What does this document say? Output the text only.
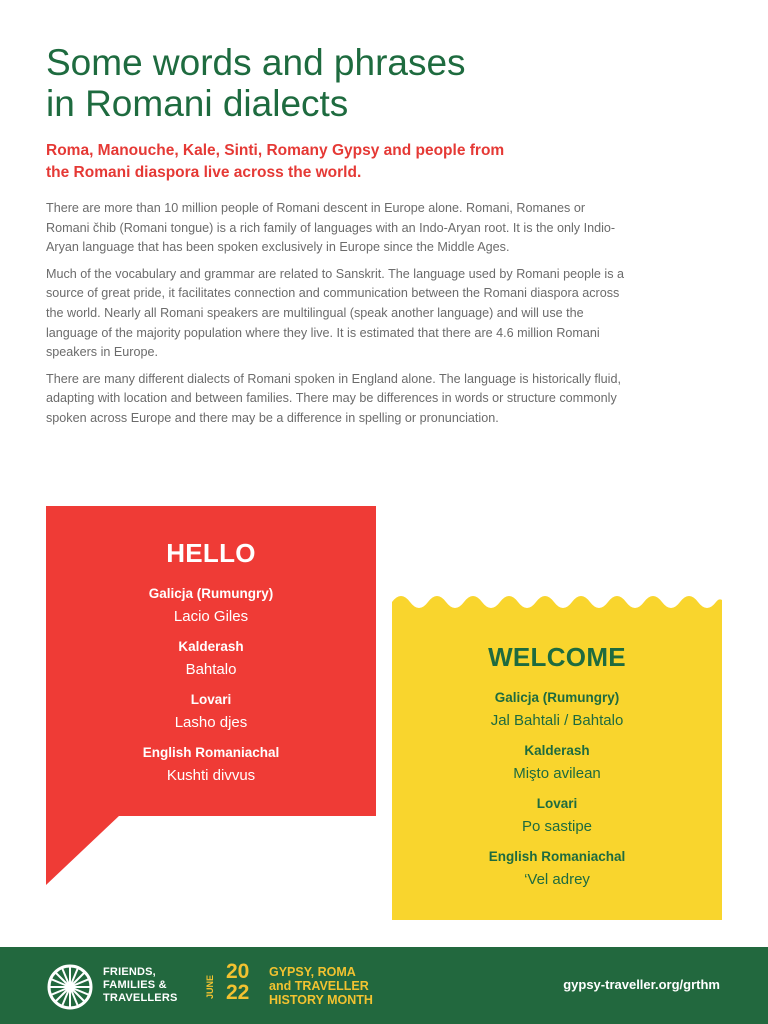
Some words and phrases
in Romani dialects

Roma, Manouche, Kale, Sinti, Romany Gypsy and people from
the Romani diaspora live across the world.

There are more than 10 million people of Romani descent in Europe alone. Romani, Romanes or Romani čhib (Romani tongue) is a rich family of languages with an Indo-Aryan root. It is the only Indio-Aryan language that has been spoken exclusively in Europe since the Middle Ages.

Much of the vocabulary and grammar are related to Sanskrit. The language used by Romani people is a source of great pride, it facilitates connection and communication between the Romani diaspora across the world. Nearly all Romani speakers are multilingual (speak another language) and will use the language of the majority population where they live. It is estimated that there are 4.6 million Romani speakers in Europe.

There are many different dialects of Romani spoken in England alone. The language is historically fluid, adapting with location and between families. There may be differences in words or structure commonly spoken across Europe and there may be a difference in spelling or pronunciation.

HELLO
Galicja (Rumungry)
Lacio Giles
Kalderash
Bahtalo
Lovari
Lasho djes
English Romaniachal
Kushti divvus
WELCOME
Galicja (Rumungry)
Jal Bahtali / Bahtalo
Kalderash
Mişto avilean
Lovari
Po sastipe
English Romaniachal
‘Vel adrey
FRIENDS,
FAMILIES &
TRAVELLERS	JUNE
20
22
GYPSY, ROMA
and TRAVELLER
HISTORY MONTH
gypsy-traveller.org/grthm
